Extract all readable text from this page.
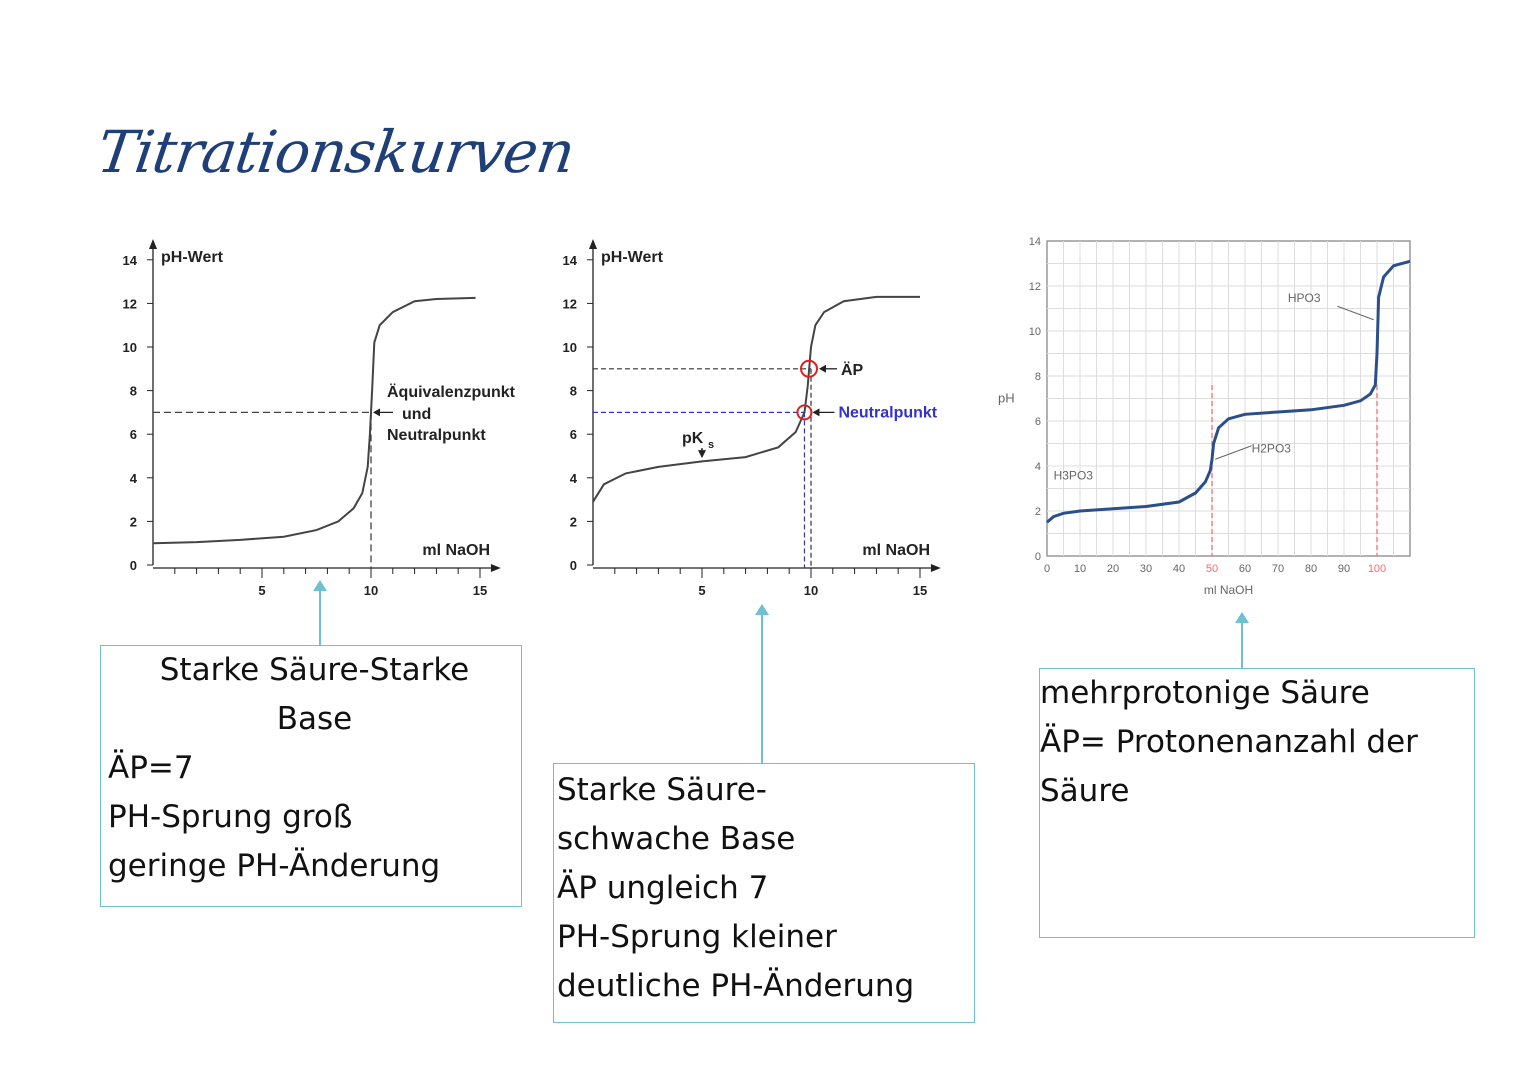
Titrationskurven
0
2
4
6
8
10
12
14
5	10	15
pH-Wert
ml NaOH
Äquivalenzpunkt
und
Neutralpunkt
0
2
4
6
8
10
12
14
5	10	15
pH-Wert
ml NaOH
ÄP
Neutralpunkt
pK s
0
2
4
6
8
10
12
14
0 10 20 30 40 50 60 70 80 90 100
ml NaOH
pH
H3PO3
H2PO3
HPO3
Starke Säure-Starke
Base
ÄP=7
PH-Sprung groß
geringe PH-Änderung
Starke Säure-
schwache Base
ÄP ungleich 7
PH-Sprung kleiner
deutliche PH-Änderung
mehrprotonige Säure
ÄP= Protonenanzahl der
Säure
